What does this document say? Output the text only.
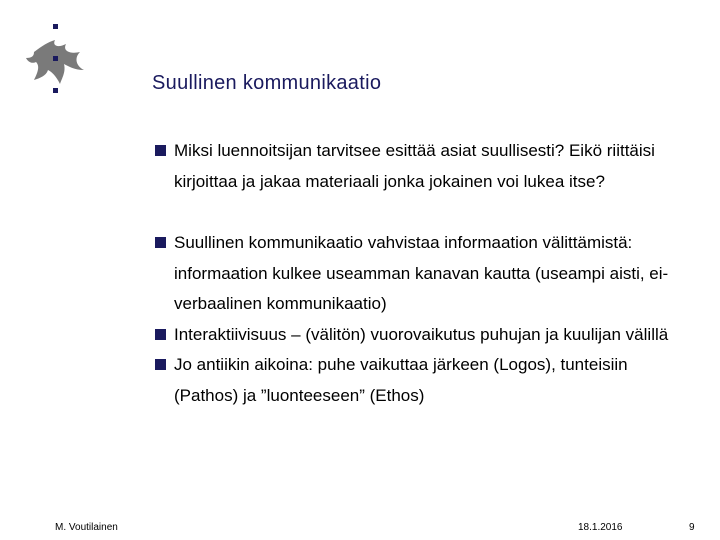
Suullinen kommunikaatio
Miksi luennoitsijan tarvitsee esittää asiat suullisesti? Eikö riittäisi kirjoittaa ja jakaa materiaali jonka jokainen voi lukea itse?
Suullinen kommunikaatio vahvistaa informaation välittämistä: informaation kulkee useamman kanavan kautta (useampi aisti, ei-verbaalinen kommunikaatio)
Interaktiivisuus – (välitön) vuorovaikutus puhujan ja kuulijan välillä
Jo antiikin aikoina: puhe vaikuttaa järkeen (Logos), tunteisiin (Pathos) ja ”luonteeseen” (Ethos)
M. Voutilainen	18.1.2016	9
